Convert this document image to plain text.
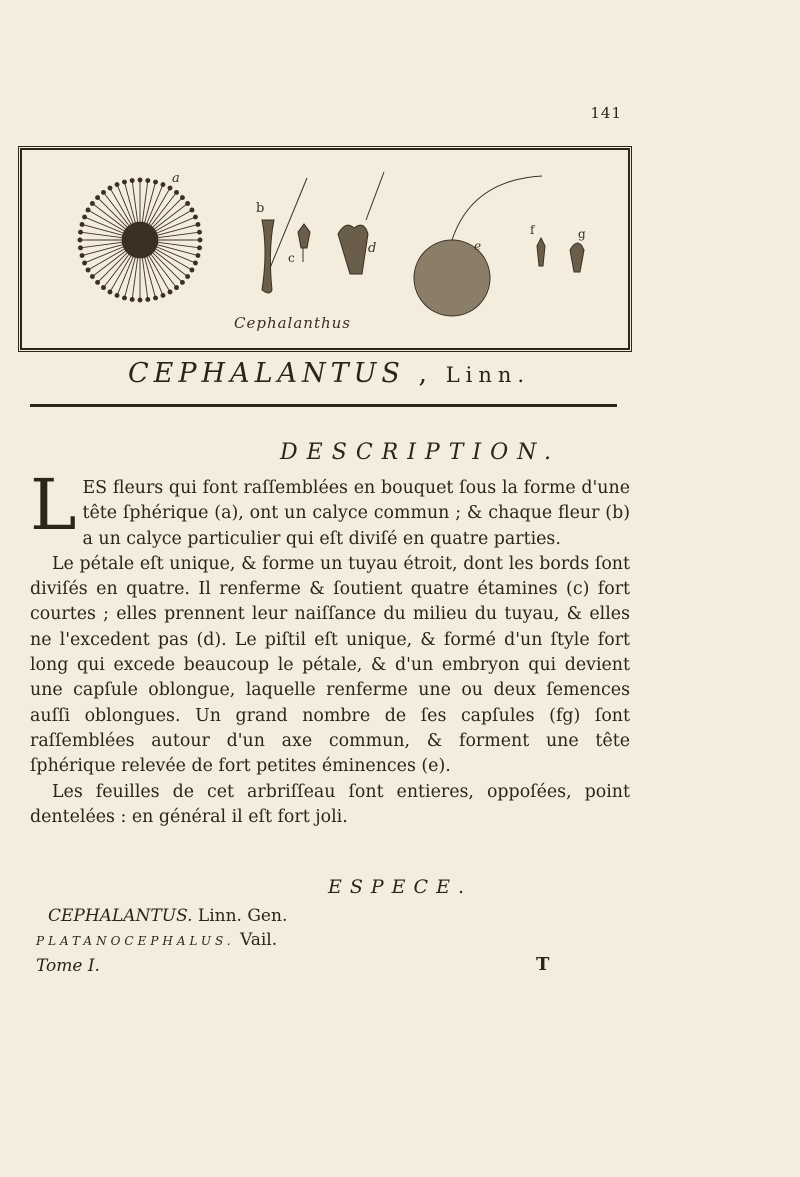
141
a
b
c
d	e
f	g
Cephalanthus
CEPHALANTUS , Linn.
DESCRIPTION.

LES fleurs qui font raſſemblées en bouquet ſous la forme d'une tête ſphérique (a), ont un calyce commun ; & chaque fleur (b) a un calyce particulier qui eſt diviſé en quatre parties.

Le pétale eſt unique, & forme un tuyau étroit, dont les bords ſont diviſés en quatre. Il renferme & ſoutient quatre étamines (c) fort courtes ; elles prennent leur naiſſance du milieu du tuyau, & elles ne l'excedent pas (d). Le piſtil eſt unique, & formé d'un ſtyle fort long qui excede beaucoup le pétale, & d'un embryon qui devient une capſule oblongue, laquelle renferme une ou deux ſemences auſſi oblongues. Un grand nombre de ſes capſules (fg) ſont raſſemblées autour d'un axe commun, & forment une tête ſphérique relevée de fort petites éminences (e).

Les feuilles de cet arbriſſeau ſont entieres, oppoſées, point dentelées : en général il eſt fort joli.

ESPECE.
CEPHALANTUS. Linn. Gen.
PLATANOCEPHALUS. Vail.
Tome I.	T
